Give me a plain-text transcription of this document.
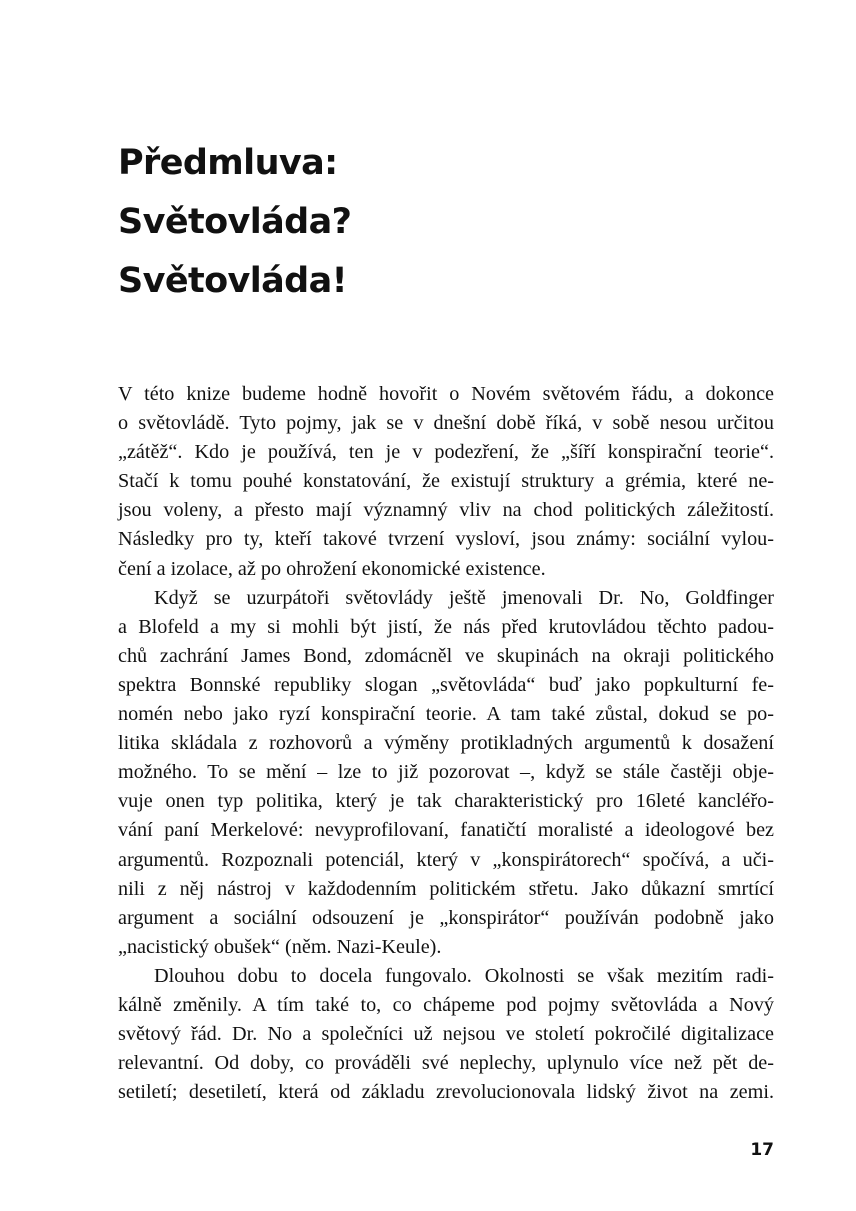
Předmluva:
Světovláda?
Světovláda!

V této knize budeme hodně hovořit o Novém světovém řádu, a dokonce
o světovládě. Tyto pojmy, jak se v dnešní době říká, v sobě nesou určitou
„zátěž“. Kdo je používá, ten je v podezření, že „šíří konspirační teorie“.
Stačí k tomu pouhé konstatování, že existují struktury a grémia, které ne-
jsou voleny, a přesto mají významný vliv na chod politických záležitostí.
Následky pro ty, kteří takové tvrzení vysloví, jsou známy: sociální vylou-
čení a izolace, až po ohrožení ekonomické existence.

Když se uzurpátoři světovlády ještě jmenovali Dr. No, Goldfinger
a Blofeld a my si mohli být jistí, že nás před krutovládou těchto padou-
chů zachrání James Bond, zdomácněl ve skupinách na okraji politického
spektra Bonnské republiky slogan „světovláda“ buď jako popkulturní fe-
nomén nebo jako ryzí konspirační teorie. A tam také zůstal, dokud se po-
litika skládala z rozhovorů a výměny protikladných argumentů k dosažení
možného. To se mění – lze to již pozorovat –, když se stále častěji obje-
vuje onen typ politika, který je tak charakteristický pro 16leté kancléřo-
vání paní Merkelové: nevyprofilovaní, fanatičtí moralisté a ideologové bez
argumentů. Rozpoznali potenciál, který v „konspirátorech“ spočívá, a uči-
nili z něj nástroj v každodenním politickém střetu. Jako důkazní smrtící
argument a sociální odsouzení je „konspirátor“ používán podobně jako
„nacistický obušek“ (něm. Nazi-Keule).

Dlouhou dobu to docela fungovalo. Okolnosti se však mezitím radi-
kálně změnily. A tím také to, co chápeme pod pojmy světovláda a Nový
světový řád. Dr. No a společníci už nejsou ve století pokročilé digitalizace
relevantní. Od doby, co prováděli své neplechy, uplynulo více než pět de-
setiletí; desetiletí, která od základu zrevolucionovala lidský život na zemi.

17
